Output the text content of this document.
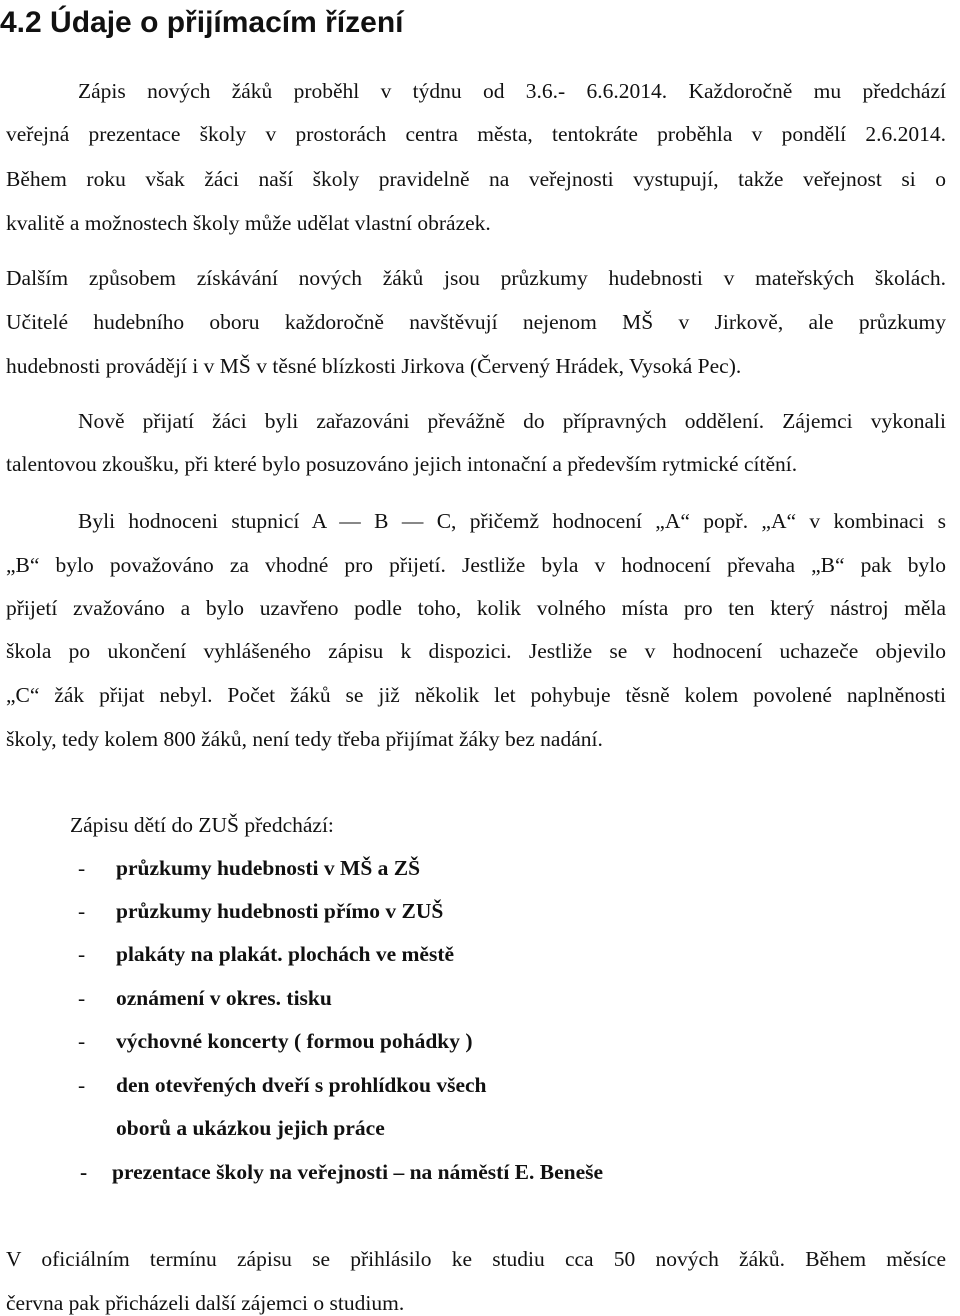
4.2 Údaje o přijímacím řízení
Zápis nových žáků proběhl v týdnu od 3.6.- 6.6.2014. Každoročně mu předchází
veřejná prezentace školy v prostorách centra města, tentokráte proběhla v pondělí 2.6.2014.
Během roku však žáci naší školy pravidelně na veřejnosti vystupují, takže veřejnost si o
kvalitě a možnostech školy může udělat vlastní obrázek.
Dalším způsobem získávání nových žáků jsou průzkumy hudebnosti v mateřských školách.
Učitelé hudebního oboru každoročně navštěvují nejenom MŠ v Jirkově, ale průzkumy
hudebnosti provádějí i v MŠ v těsné blízkosti Jirkova (Červený Hrádek, Vysoká Pec).
Nově přijatí žáci byli zařazováni převážně do přípravných oddělení. Zájemci vykonali
talentovou zkoušku, při které bylo posuzováno jejich intonační a především rytmické cítění.
Byli hodnoceni stupnicí A — B — C, přičemž hodnocení „A“ popř. „A“ v kombinaci s
„B“ bylo považováno za vhodné pro přijetí. Jestliže byla v hodnocení převaha „B“ pak bylo
přijetí zvažováno a bylo uzavřeno podle toho, kolik volného místa pro ten který nástroj měla
škola po ukončení vyhlášeného zápisu k dispozici. Jestliže se v hodnocení uchazeče objevilo
„C“ žák přijat nebyl. Počet žáků se již několik let pohybuje těsně kolem povolené naplněnosti
školy, tedy kolem 800 žáků, není tedy třeba přijímat žáky bez nadání.
Zápisu dětí do ZUŠ předchází:
-	průzkumy hudebnosti v MŠ a ZŠ
-	průzkumy hudebnosti přímo v ZUŠ
-	plakáty na plakát. plochách ve městě
-	oznámení v okres. tisku
-	výchovné koncerty ( formou pohádky )
-	den otevřených dveří s prohlídkou všech
oborů a ukázkou jejich práce
-	prezentace školy na veřejnosti – na náměstí E. Beneše
V oficiálním termínu zápisu se přihlásilo ke studiu cca 50 nových žáků. Během měsíce
června pak přicházeli další zájemci o studium.
